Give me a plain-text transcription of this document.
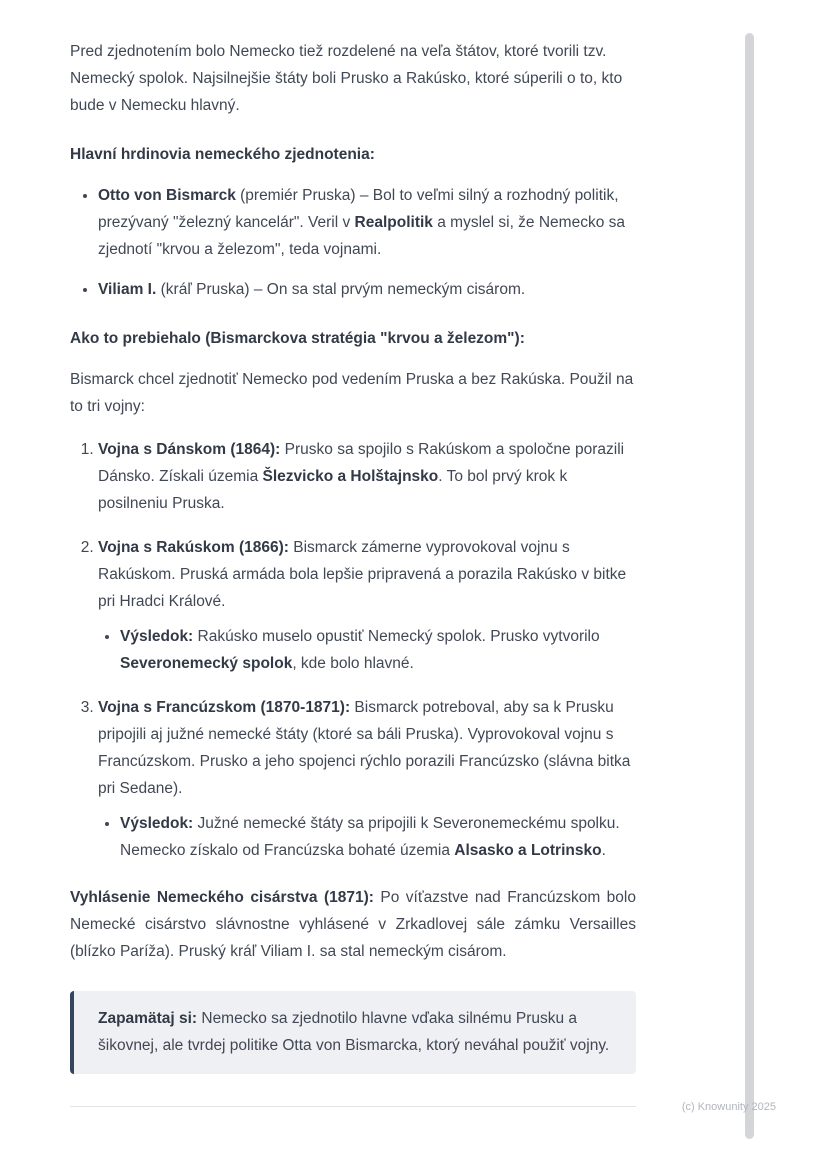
Pred zjednotením bolo Nemecko tiež rozdelené na veľa štátov, ktoré tvorili tzv. Nemecký spolok. Najsilnejšie štáty boli Prusko a Rakúsko, ktoré súperili o to, kto bude v Nemecku hlavný.

Hlavní hrdinovia nemeckého zjednotenia:

• Otto von Bismarck (premiér Pruska) – Bol to veľmi silný a rozhodný politik, prezývaný "železný kancelár". Veril v Realpolitik a myslel si, že Nemecko sa zjednotí "krvou a železom", teda vojnami.
• Viliam I. (kráľ Pruska) – On sa stal prvým nemeckým cisárom.

Ako to prebiehalo (Bismarckova stratégia "krvou a železom"):

Bismarck chcel zjednotiť Nemecko pod vedením Pruska a bez Rakúska. Použil na to tri vojny:

1. Vojna s Dánskom (1864): Prusko sa spojilo s Rakúskom a spoločne porazili Dánsko. Získali územia Šlezvicko a Holštajnsko. To bol prvý krok k posilneniu Pruska.
2. Vojna s Rakúskom (1866): Bismarck zámerne vyprovokoval vojnu s Rakúskom. Pruská armáda bola lepšie pripravená a porazila Rakúsko v bitke pri Hradci Králové.
• Výsledok: Rakúsko muselo opustiť Nemecký spolok. Prusko vytvorilo Severonemecký spolok, kde bolo hlavné.
3. Vojna s Francúzskom (1870-1871): Bismarck potreboval, aby sa k Prusku pripojili aj južné nemecké štáty (ktoré sa báli Pruska). Vyprovokoval vojnu s Francúzskom. Prusko a jeho spojenci rýchlo porazili Francúzsko (slávna bitka pri Sedane).
• Výsledok: Južné nemecké štáty sa pripojili k Severonemeckému spolku. Nemecko získalo od Francúzska bohaté územia Alsasko a Lotrinsko.

Vyhlásenie Nemeckého cisárstva (1871): Po víťazstve nad Francúzskom bolo Nemecké cisárstvo slávnostne vyhlásené v Zrkadlovej sále zámku Versailles (blízko Paríža). Pruský kráľ Viliam I. sa stal nemeckým cisárom.

Zapamätaj si: Nemecko sa zjednotilo hlavne vďaka silnému Prusku a šikovnej, ale tvrdej politike Otta von Bismarcka, ktorý neváhal použiť vojny.
(c) Knowunity 2025
